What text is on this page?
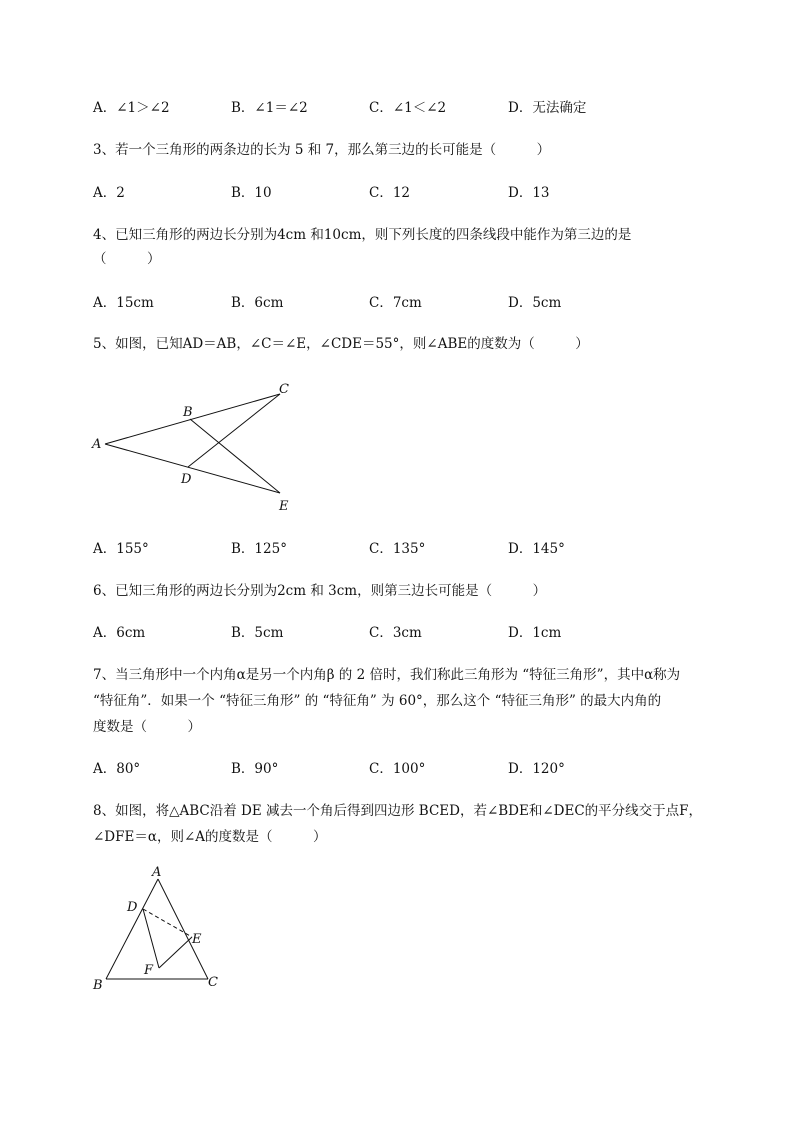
A．∠1＞∠2	B．∠1＝∠2	C．∠1＜∠2	D．无法确定
3、若一个三角形的两条边的长为 5 和 7，那么第三边的长可能是（　　　）
A．2	B．10	C．12	D．13
4、已知三角形的两边长分别为4cm 和10cm，则下列长度的四条线段中能作为第三边的是
（　　　）
A．15cm	B．6cm	C．7cm	D．5cm
5、如图，已知AD＝AB，∠C＝∠E，∠CDE＝55°，则∠ABE的度数为（　　　）
A
B
C
D
E
A．155°	B．125°	C．135°	D．145°
6、已知三角形的两边长分别为2cm 和 3cm，则第三边长可能是（　　　）
A．6cm	B．5cm	C．3cm	D．1cm
7、当三角形中一个内角α是另一个内角β 的 2 倍时，我们称此三角形为 “特征三角形”，其中α称为
“特征角”．如果一个 “特征三角形” 的 “特征角” 为 60°，那么这个 “特征三角形” 的最大内角的
度数是（　　　）
A．80°	B．90°	C．100°	D．120°
8、如图，将△ABC沿着 DE 减去一个角后得到四边形 BCED，若∠BDE和∠DEC的平分线交于点F，
∠DFE＝α，则∠A的度数是（　　　）
A
B	C
D
E
F
